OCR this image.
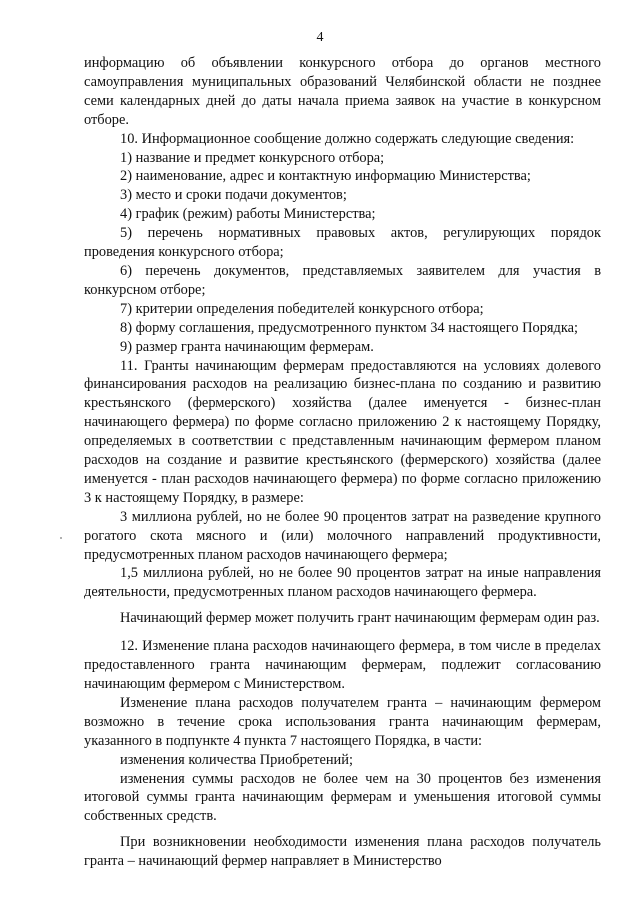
4

информацию об объявлении конкурсного отбора до органов местного самоуправления муниципальных образований Челябинской области не позднее семи календарных дней до даты начала приема заявок на участие в конкурсном отборе.

10. Информационное сообщение должно содержать следующие сведения:

1) название и предмет конкурсного отбора;

2) наименование, адрес и контактную информацию Министерства;

3) место и сроки подачи документов;

4) график (режим) работы Министерства;

5) перечень нормативных правовых актов, регулирующих порядок проведения конкурсного отбора;

6) перечень документов, представляемых заявителем для участия в конкурсном отборе;

7) критерии определения победителей конкурсного отбора;

8) форму соглашения, предусмотренного пунктом 34 настоящего Порядка;

9) размер гранта начинающим фермерам.

11. Гранты начинающим фермерам предоставляются на условиях долевого финансирования расходов на реализацию бизнес-плана по созданию и развитию крестьянского (фермерского) хозяйства (далее именуется - бизнес-план начинающего фермера) по форме согласно приложению 2 к настоящему Порядку, определяемых в соответствии с представленным начинающим фермером планом расходов на создание и развитие крестьянского (фермерского) хозяйства (далее именуется - план расходов начинающего фермера) по форме согласно приложению 3 к настоящему Порядку, в размере:

3 миллиона рублей, но не более 90 процентов затрат на разведение крупного рогатого скота мясного и (или) молочного направлений продуктивности, предусмотренных планом расходов начинающего фермера;

1,5 миллиона рублей, но не более 90 процентов затрат на иные направления деятельности, предусмотренных планом расходов начинающего фермера.

Начинающий фермер может получить грант начинающим фермерам один раз.

12. Изменение плана расходов начинающего фермера, в том числе в пределах предоставленного гранта начинающим фермерам, подлежит согласованию начинающим фермером с Министерством.

Изменение плана расходов получателем гранта – начинающим фермером возможно в течение срока использования гранта начинающим фермерам, указанного в подпункте 4 пункта 7 настоящего Порядка, в части:

изменения количества Приобретений;

изменения суммы расходов не более чем на 30 процентов без изменения итоговой суммы гранта начинающим фермерам и уменьшения итоговой суммы собственных средств.

При возникновении необходимости изменения плана расходов получатель гранта – начинающий фермер направляет в Министерство
